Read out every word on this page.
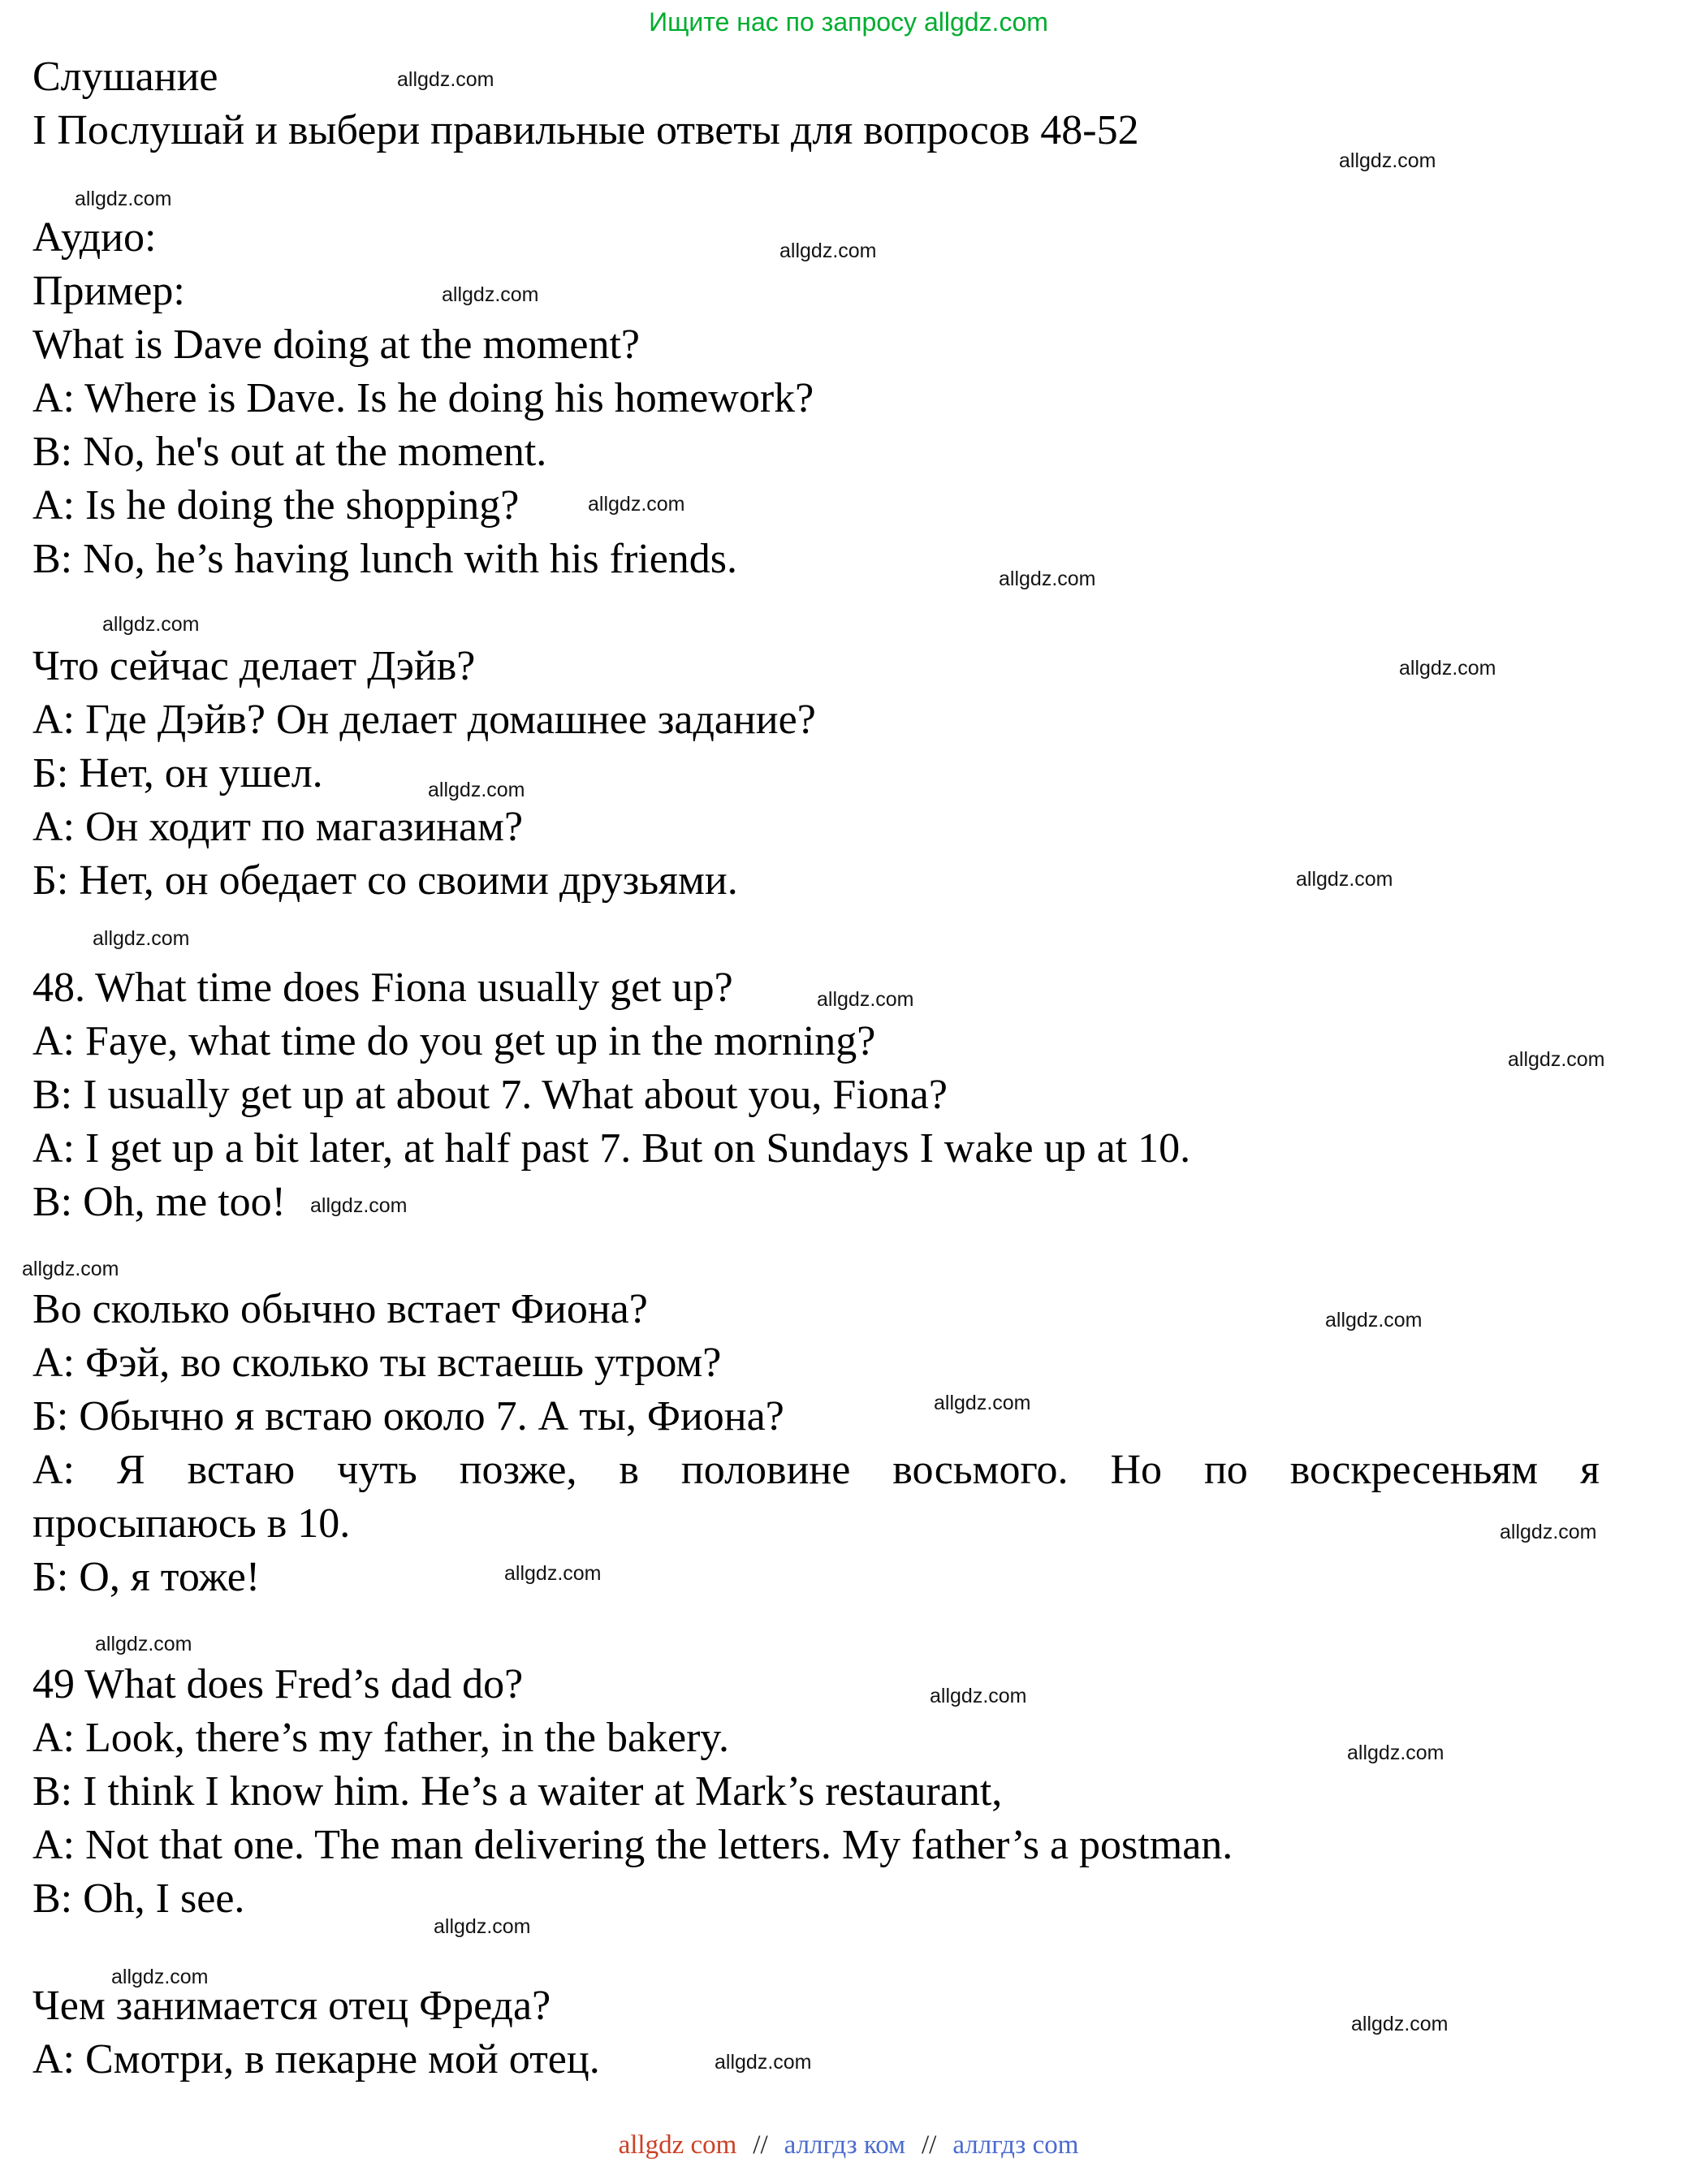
Ищите нас по запросу allgdz.com
Слушание
I Послушай и выбери правильные ответы для вопросов 48-52
Аудио:
Пример:
What is Dave doing at the moment?
A: Where is Dave. Is he doing his homework?
B: No, he's out at the moment.
A: Is he doing the shopping?
B: No, he’s having lunch with his friends.
Что сейчас делает Дэйв?
А: Где Дэйв? Он делает домашнее задание?
Б: Нет, он ушел.
А: Он ходит по магазинам?
Б: Нет, он обедает со своими друзьями.
48. What time does Fiona usually get up?
A: Faye, what time do you get up in the morning?
B: I usually get up at about 7. What about you, Fiona?
A: I get up a bit later, at half past 7. But on Sundays I wake up at 10.
B: Oh, me too!
Во сколько обычно встает Фиона?
А: Фэй, во сколько ты встаешь утром?
Б: Обычно я встаю около 7. А ты, Фиона?
А: Я встаю чуть позже, в половине восьмого. Но по воскресеньям я
просыпаюсь в 10.
Б: О, я тоже!
49 What does Fred’s dad do?
A: Look, there’s my father, in the bakery.
B: I think I know him. He’s a waiter at Mark’s restaurant,
A: Not that one. The man delivering the letters. My father’s a postman.
B: Oh, I see.
Чем занимается отец Фреда?
А: Смотри, в пекарне мой отец.
allgdz.com
allgdz.com
allgdz.com
allgdz.com
allgdz.com
allgdz.com
allgdz.com
allgdz.com
allgdz.com
allgdz.com
allgdz.com
allgdz.com
allgdz.com
allgdz.com
allgdz.com
allgdz.com
allgdz.com
allgdz.com
allgdz.com
allgdz.com
allgdz.com
allgdz.com
allgdz.com
allgdz.com
allgdz.com
allgdz.com
allgdz.com
allgdz com // аллгдз ком // аллгдз com
